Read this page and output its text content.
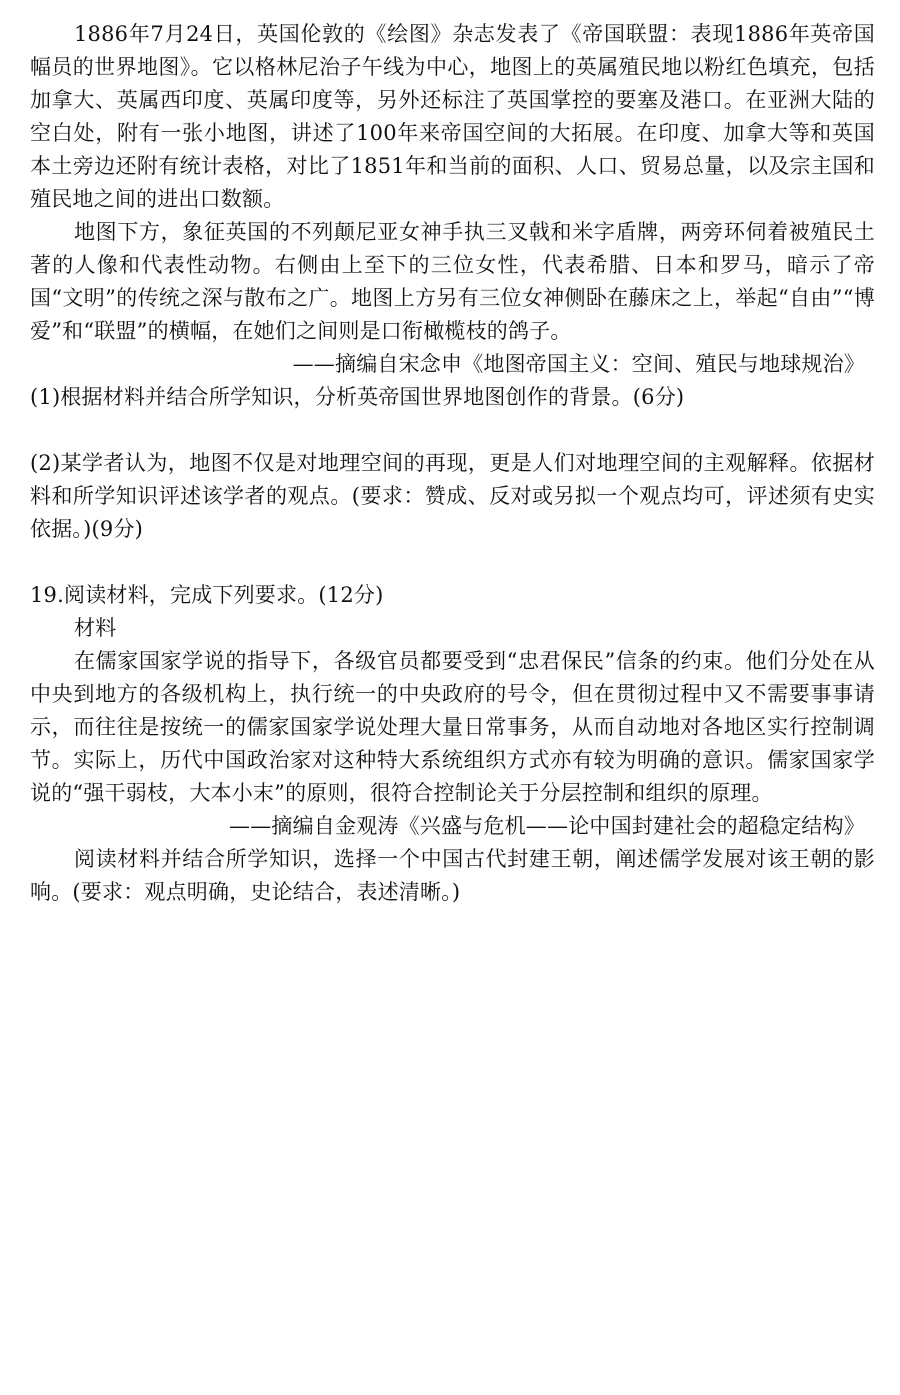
1886年7月24日，英国伦敦的《绘图》杂志发表了《帝国联盟：表现1886年英帝国幅员的世界地图》。它以格林尼治子午线为中心，地图上的英属殖民地以粉红色填充，包括加拿大、英属西印度、英属印度等，另外还标注了英国掌控的要塞及港口。在亚洲大陆的空白处，附有一张小地图，讲述了100年来帝国空间的大拓展。在印度、加拿大等和英国本土旁边还附有统计表格，对比了1851年和当前的面积、人口、贸易总量，以及宗主国和殖民地之间的进出口数额。

地图下方，象征英国的不列颠尼亚女神手执三叉戟和米字盾牌，两旁环伺着被殖民土著的人像和代表性动物。右侧由上至下的三位女性，代表希腊、日本和罗马，暗示了帝国“文明”的传统之深与散布之广。地图上方另有三位女神侧卧在藤床之上，举起“自由”“博爱”和“联盟”的横幅，在她们之间则是口衔橄榄枝的鸽子。

——摘编自宋念申《地图帝国主义：空间、殖民与地球规治》

(1)根据材料并结合所学知识，分析英帝国世界地图创作的背景。(6分)

(2)某学者认为，地图不仅是对地理空间的再现，更是人们对地理空间的主观解释。依据材料和所学知识评述该学者的观点。(要求：赞成、反对或另拟一个观点均可，评述须有史实依据。)(9分)

19.阅读材料，完成下列要求。(12分)

材料

在儒家国家学说的指导下，各级官员都要受到“忠君保民”信条的约束。他们分处在从中央到地方的各级机构上，执行统一的中央政府的号令，但在贯彻过程中又不需要事事请示，而往往是按统一的儒家国家学说处理大量日常事务，从而自动地对各地区实行控制调节。实际上，历代中国政治家对这种特大系统组织方式亦有较为明确的意识。儒家国家学说的“强干弱枝，大本小末”的原则，很符合控制论关于分层控制和组织的原理。

——摘编自金观涛《兴盛与危机——论中国封建社会的超稳定结构》

阅读材料并结合所学知识，选择一个中国古代封建王朝，阐述儒学发展对该王朝的影响。(要求：观点明确，史论结合，表述清晰。)
